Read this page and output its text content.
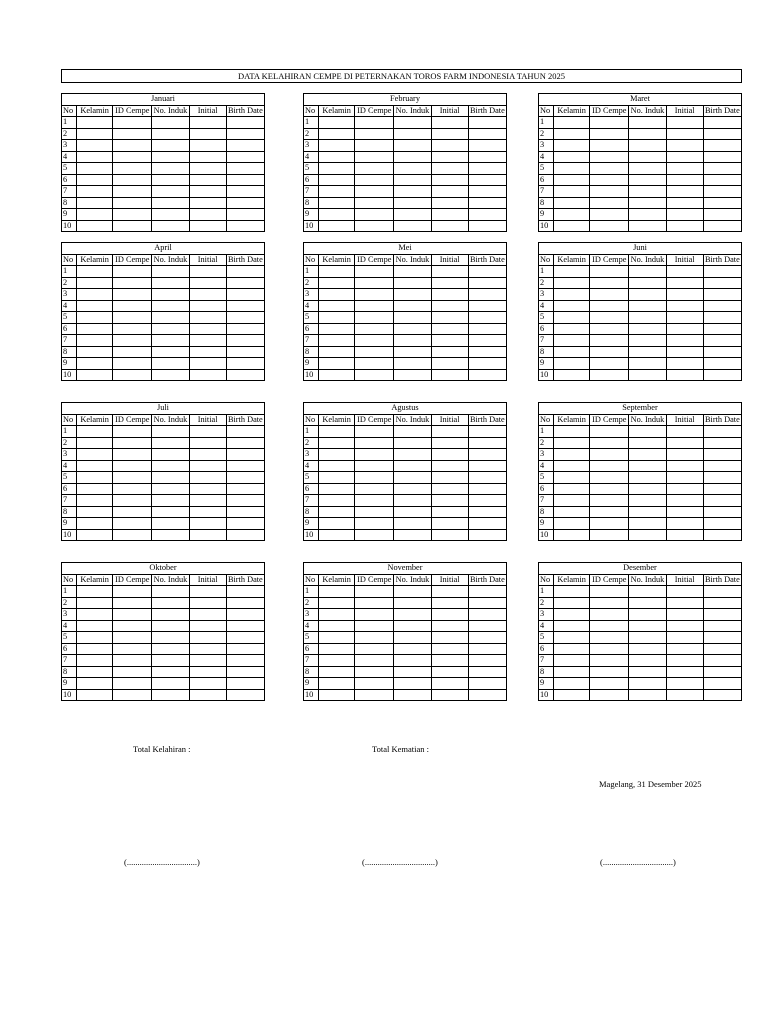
DATA KELAHIRAN CEMPE DI PETERNAKAN TOROS FARM INDONESIA TAHUN 2025
Januari					
No	Kelamin	ID Cempe	No. Induk	Initial	Birth Date
1					
2					
3					
4					
5					
6					
7					
8					
9					
10					
February					
No	Kelamin	ID Cempe	No. Induk	Initial	Birth Date
1					
2					
3					
4					
5					
6					
7					
8					
9					
10					
Maret					
No	Kelamin	ID Cempe	No. Induk	Initial	Birth Date
1					
2					
3					
4					
5					
6					
7					
8					
9					
10					
April					
No	Kelamin	ID Cempe	No. Induk	Initial	Birth Date
1					
2					
3					
4					
5					
6					
7					
8					
9					
10					
Mei					
No	Kelamin	ID Cempe	No. Induk	Initial	Birth Date
1					
2					
3					
4					
5					
6					
7					
8					
9					
10					
Juni					
No	Kelamin	ID Cempe	No. Induk	Initial	Birth Date
1					
2					
3					
4					
5					
6					
7					
8					
9					
10					
Juli					
No	Kelamin	ID Cempe	No. Induk	Initial	Birth Date
1					
2					
3					
4					
5					
6					
7					
8					
9					
10					
Agustus					
No	Kelamin	ID Cempe	No. Induk	Initial	Birth Date
1					
2					
3					
4					
5					
6					
7					
8					
9					
10					
September					
No	Kelamin	ID Cempe	No. Induk	Initial	Birth Date
1					
2					
3					
4					
5					
6					
7					
8					
9					
10					
Oktober					
No	Kelamin	ID Cempe	No. Induk	Initial	Birth Date
1					
2					
3					
4					
5					
6					
7					
8					
9					
10					
November					
No	Kelamin	ID Cempe	No. Induk	Initial	Birth Date
1					
2					
3					
4					
5					
6					
7					
8					
9					
10					
Desember					
No	Kelamin	ID Cempe	No. Induk	Initial	Birth Date
1					
2					
3					
4					
5					
6					
7					
8					
9					
10					
Total Kelahiran :	Total Kematian :
Magelang, 31 Desember 2025
(.................................)	(.................................)	(.................................)
